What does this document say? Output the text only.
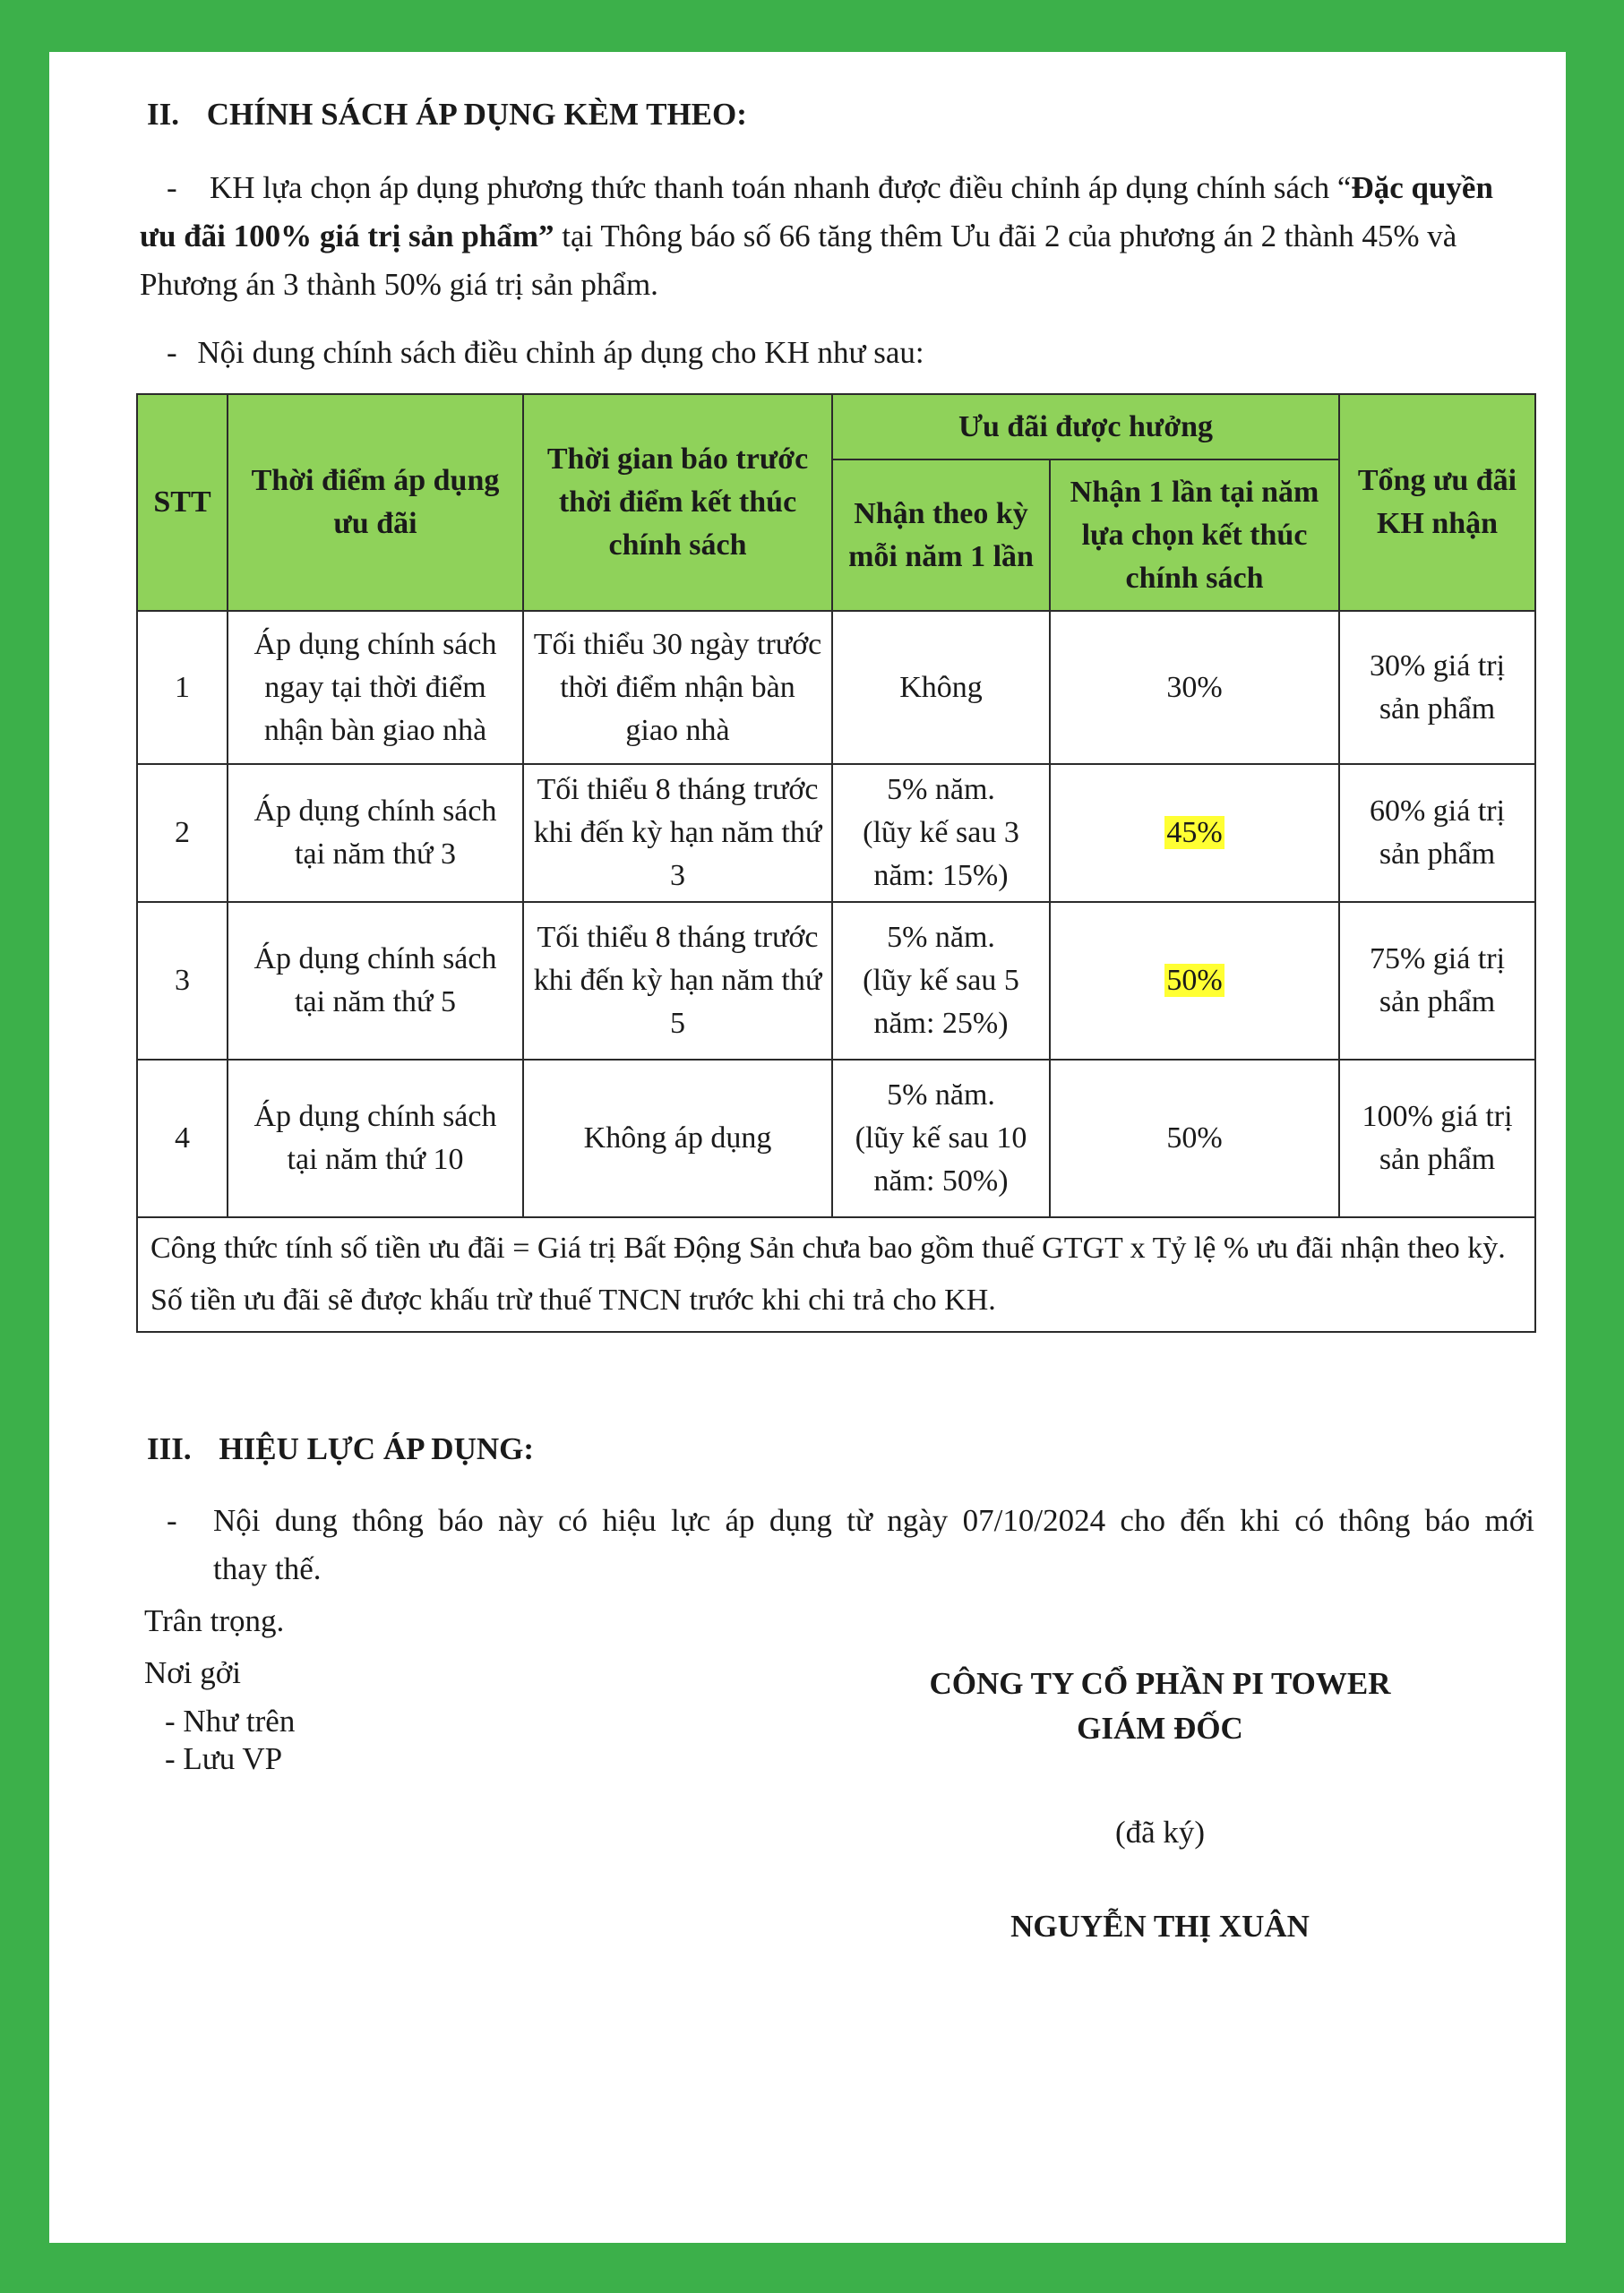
II. CHÍNH SÁCH ÁP DỤNG KÈM THEO:
- KH lựa chọn áp dụng phương thức thanh toán nhanh được điều chỉnh áp dụng chính sách “Đặc quyền
ưu đãi 100% giá trị sản phẩm” tại Thông báo số 66 tăng thêm Ưu đãi 2 của phương án 2 thành 45% và
Phương án 3 thành 50% giá trị sản phẩm.
- Nội dung chính sách điều chỉnh áp dụng cho KH như sau:
STT	Thời điểm áp dụng ưu đãi	Thời gian báo trước thời điểm kết thúc chính sách	Ưu đãi được hưởng		Tổng ưu đãi KH nhận
			Nhận theo kỳ mỗi năm 1 lần	Nhận 1 lần tại năm lựa chọn kết thúc chính sách	
1	Áp dụng chính sách ngay tại thời điểm nhận bàn giao nhà	Tối thiểu 30 ngày trước thời điểm nhận bàn giao nhà	Không	30%	30% giá trị sản phẩm
2	Áp dụng chính sách tại năm thứ 3	Tối thiểu 8 tháng trước khi đến kỳ hạn năm thứ 3	5% năm.
(lũy kế sau 3 năm: 15%)	45%	60% giá trị sản phẩm
3	Áp dụng chính sách tại năm thứ 5	Tối thiểu 8 tháng trước khi đến kỳ hạn năm thứ 5	5% năm.
(lũy kế sau 5 năm: 25%)	50%	75% giá trị sản phẩm
4	Áp dụng chính sách tại năm thứ 10	Không áp dụng	5% năm.
(lũy kế sau 10 năm: 50%)	50%	100% giá trị sản phẩm

Công thức tính số tiền ưu đãi = Giá trị Bất Động Sản chưa bao gồm thuế GTGT x Tỷ lệ % ưu đãi nhận theo kỳ.

Số tiền ưu đãi sẽ được khấu trừ thuế TNCN trước khi chi trả cho KH.					

III. HIỆU LỰC ÁP DỤNG:
- Nội dung thông báo này có hiệu lực áp dụng từ ngày 07/10/2024 cho đến khi có thông báo mới
thay thế.
Trân trọng.
Nơi gởi
- Như trên
- Lưu VP
CÔNG TY CỔ PHẦN PI TOWER
GIÁM ĐỐC
(đã ký)
NGUYỄN THỊ XUÂN
